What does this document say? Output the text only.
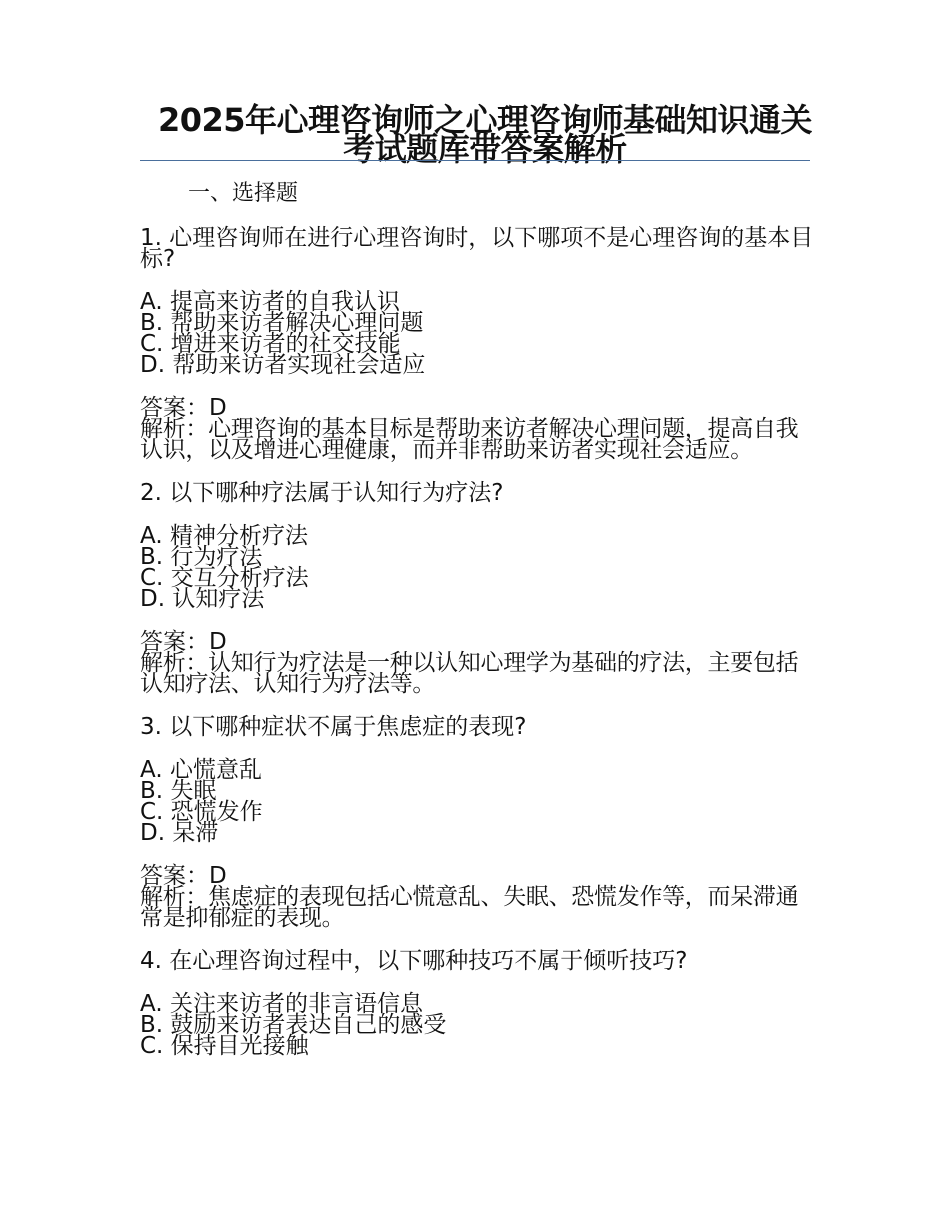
2025年心理咨询师之心理咨询师基础知识通关考试题库带答案解析
一、选择题
1. 心理咨询师在进行心理咨询时，以下哪项不是心理咨询的基本目标?
A. 提高来访者的自我认识
B. 帮助来访者解决心理问题
C. 增进来访者的社交技能
D. 帮助来访者实现社会适应
答案：D
解析：心理咨询的基本目标是帮助来访者解决心理问题，提高自我认识，以及增进心理健康，而并非帮助来访者实现社会适应。
2. 以下哪种疗法属于认知行为疗法?
A. 精神分析疗法
B. 行为疗法
C. 交互分析疗法
D. 认知疗法
答案：D
解析：认知行为疗法是一种以认知心理学为基础的疗法，主要包括认知疗法、认知行为疗法等。
3. 以下哪种症状不属于焦虑症的表现?
A. 心慌意乱
B. 失眠
C. 恐慌发作
D. 呆滞
答案：D
解析：焦虑症的表现包括心慌意乱、失眠、恐慌发作等，而呆滞通常是抑郁症的表现。
4. 在心理咨询过程中，以下哪种技巧不属于倾听技巧?
A. 关注来访者的非言语信息
B. 鼓励来访者表达自己的感受
C. 保持目光接触
